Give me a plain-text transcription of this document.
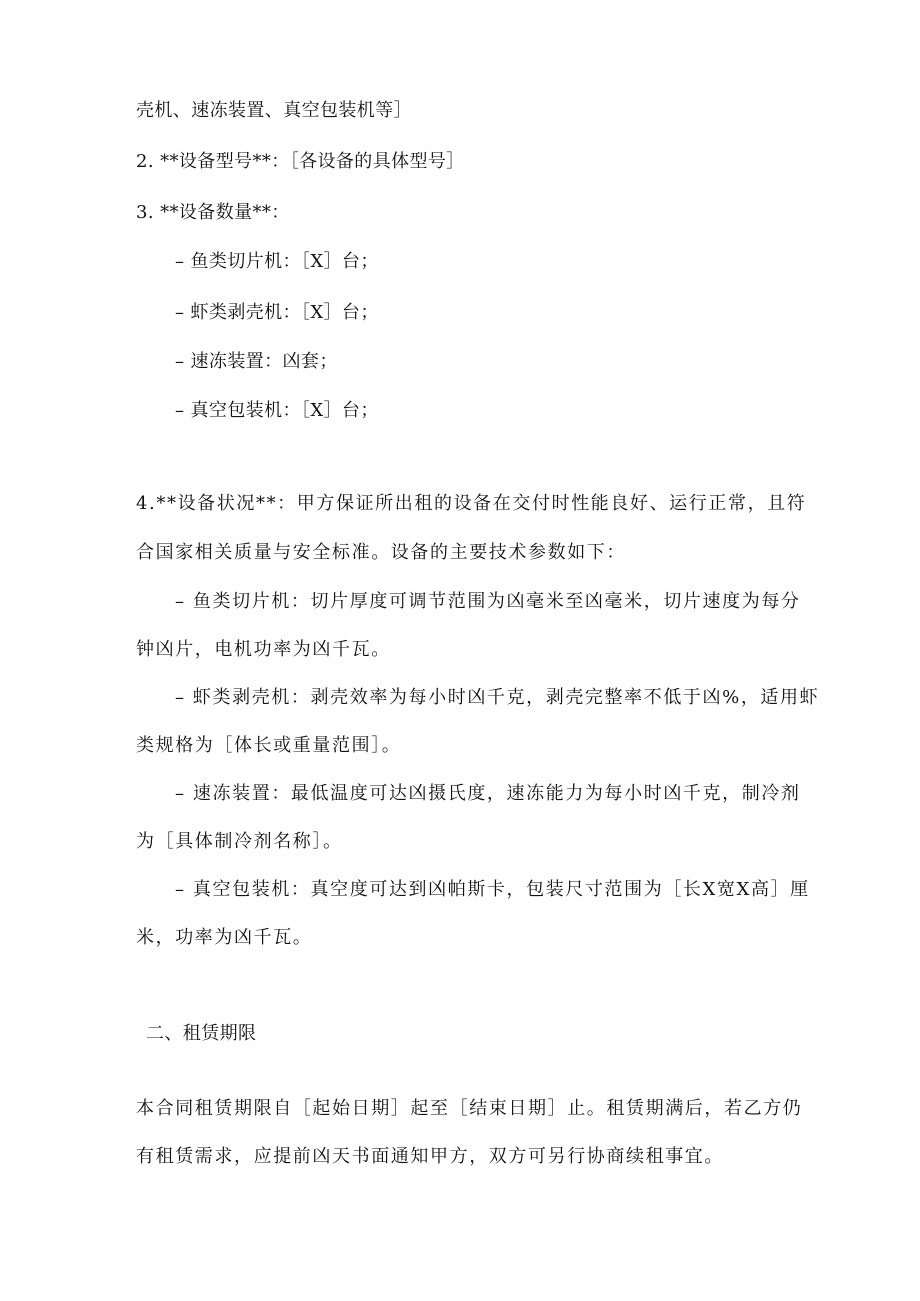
壳机、速冻装置、真空包装机等］
2. **设备型号**：［各设备的具体型号］
3. **设备数量**：
– 鱼类切片机：［X］台；
– 虾类剥壳机：［X］台；
– 速冻装置：凶套；
– 真空包装机：［X］台；
4.**设备状况**：甲方保证所出租的设备在交付时性能良好、运行正常，且符
合国家相关质量与安全标准。设备的主要技术参数如下：
– 鱼类切片机：切片厚度可调节范围为凶毫米至凶毫米，切片速度为每分
钟凶片，电机功率为凶千瓦。
– 虾类剥壳机：剥壳效率为每小时凶千克，剥壳完整率不低于凶%，适用虾
类规格为［体长或重量范围］。
– 速冻装置：最低温度可达凶摄氏度，速冻能力为每小时凶千克，制冷剂
为［具体制冷剂名称］。
– 真空包装机：真空度可达到凶帕斯卡，包装尺寸范围为［长X宽X高］厘
米，功率为凶千瓦。
二、租赁期限
本合同租赁期限自［起始日期］起至［结束日期］止。租赁期满后，若乙方仍
有租赁需求，应提前凶天书面通知甲方，双方可另行协商续租事宜。
